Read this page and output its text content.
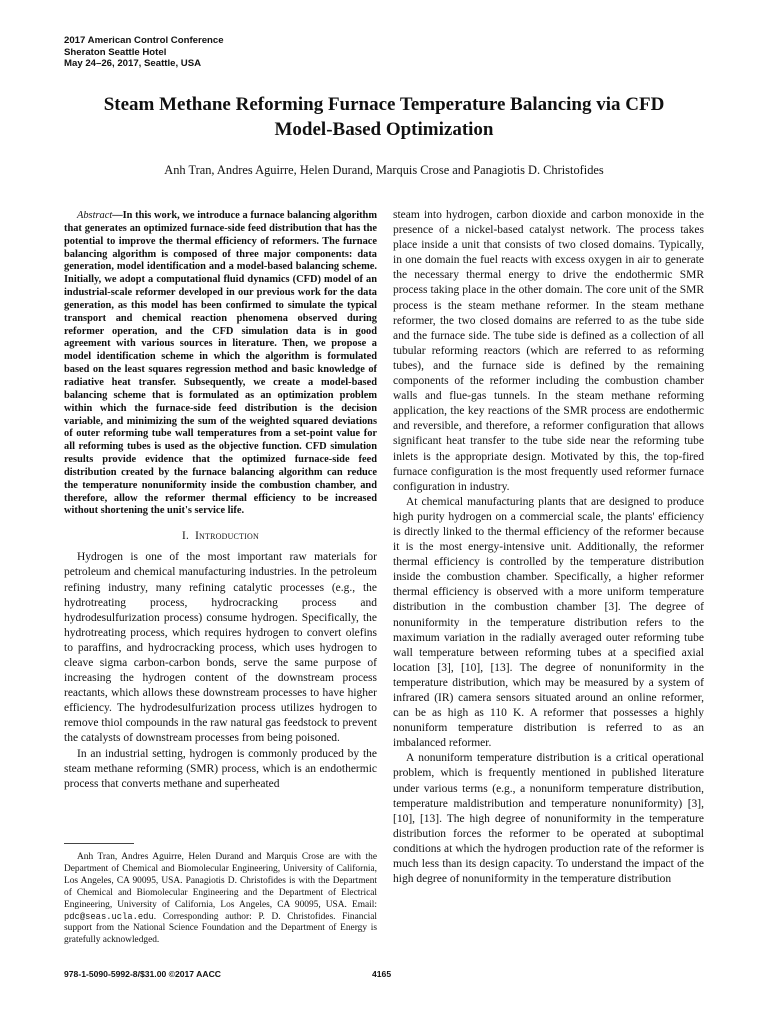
2017 American Control Conference
Sheraton Seattle Hotel
May 24–26, 2017, Seattle, USA
Steam Methane Reforming Furnace Temperature Balancing via CFD
Model-Based Optimization
Anh Tran, Andres Aguirre, Helen Durand, Marquis Crose and Panagiotis D. Christofides

Abstract—In this work, we introduce a furnace balancing algorithm that generates an optimized furnace-side feed distribution that has the potential to improve the thermal efficiency of reformers. The furnace balancing algorithm is composed of three major components: data generation, model identification and a model-based balancing scheme. Initially, we adopt a computational fluid dynamics (CFD) model of an industrial-scale reformer developed in our previous work for the data generation, as this model has been confirmed to simulate the typical transport and chemical reaction phenomena observed during reformer operation, and the CFD simulation data is in good agreement with various sources in literature. Then, we propose a model identification scheme in which the algorithm is formulated based on the least squares regression method and basic knowledge of radiative heat transfer. Subsequently, we create a model-based balancing scheme that is formulated as an optimization problem within which the furnace-side feed distribution is the decision variable, and minimizing the sum of the weighted squared deviations of outer reforming tube wall temperatures from a set-point value for all reforming tubes is used as the objective function. CFD simulation results provide evidence that the optimized furnace-side feed distribution created by the furnace balancing algorithm can reduce the temperature nonuniformity inside the combustion chamber, and therefore, allow the reformer thermal efficiency to be increased without shortening the unit's service life.

I. Introduction

Hydrogen is one of the most important raw materials for petroleum and chemical manufacturing industries. In the petroleum refining industry, many refining catalytic processes (e.g., the hydrotreating process, hydrocracking process and hydrodesulfurization process) consume hydrogen. Specifically, the hydrotreating process, which requires hydrogen to convert olefins to paraffins, and hydrocracking process, which uses hydrogen to cleave sigma carbon-carbon bonds, serve the same purpose of increasing the hydrogen content of the downstream process reactants, which allows these downstream processes to have higher efficiency. The hydrodesulfurization process utilizes hydrogen to remove thiol compounds in the raw natural gas feedstock to prevent the catalysts of downstream processes from being poisoned.

In an industrial setting, hydrogen is commonly produced by the steam methane reforming (SMR) process, which is an endothermic process that converts methane and superheated

Anh Tran, Andres Aguirre, Helen Durand and Marquis Crose are with the Department of Chemical and Biomolecular Engineering, University of California, Los Angeles, CA 90095, USA. Panagiotis D. Christofides is with the Department of Chemical and Biomolecular Engineering and the Department of Electrical Engineering, University of California, Los Angeles, CA 90095, USA. Email: pdc@seas.ucla.edu. Corresponding author: P. D. Christofides. Financial support from the National Science Foundation and the Department of Energy is gratefully acknowledged.

steam into hydrogen, carbon dioxide and carbon monoxide in the presence of a nickel-based catalyst network. The process takes place inside a unit that consists of two closed domains. Typically, in one domain the fuel reacts with excess oxygen in air to generate the necessary thermal energy to drive the endothermic SMR process taking place in the other domain. The core unit of the SMR process is the steam methane reformer. In the steam methane reformer, the two closed domains are referred to as the tube side and the furnace side. The tube side is defined as a collection of all tubular reforming reactors (which are referred to as reforming tubes), and the furnace side is defined by the remaining components of the reformer including the combustion chamber walls and flue-gas tunnels. In the steam methane reforming application, the key reactions of the SMR process are endothermic and reversible, and therefore, a reformer configuration that allows significant heat transfer to the tube side near the reforming tube inlets is the appropriate design. Motivated by this, the top-fired furnace configuration is the most frequently used reformer furnace configuration in industry.

At chemical manufacturing plants that are designed to produce high purity hydrogen on a commercial scale, the plants' efficiency is directly linked to the thermal efficiency of the reformer because it is the most energy-intensive unit. Additionally, the reformer thermal efficiency is controlled by the temperature distribution inside the combustion chamber. Specifically, a higher reformer thermal efficiency is observed with a more uniform temperature distribution in the combustion chamber [3]. The degree of nonuniformity in the temperature distribution refers to the maximum variation in the radially averaged outer reforming tube wall temperature between reforming tubes at a specified axial location [3], [10], [13]. The degree of nonuniformity in the temperature distribution, which may be measured by a system of infrared (IR) camera sensors situated around an online reformer, can be as high as 110 K. A reformer that possesses a highly nonuniform temperature distribution is referred to as an imbalanced reformer.

A nonuniform temperature distribution is a critical operational problem, which is frequently mentioned in published literature under various terms (e.g., a nonuniform temperature distribution, temperature maldistribution and temperature nonuniformity) [3], [10], [13]. The high degree of nonuniformity in the temperature distribution forces the reformer to be operated at suboptimal conditions at which the hydrogen production rate of the reformer is much less than its design capacity. To understand the impact of the high degree of nonuniformity in the temperature distribution

978-1-5090-5992-8/$31.00 ©2017 AACC	4165
